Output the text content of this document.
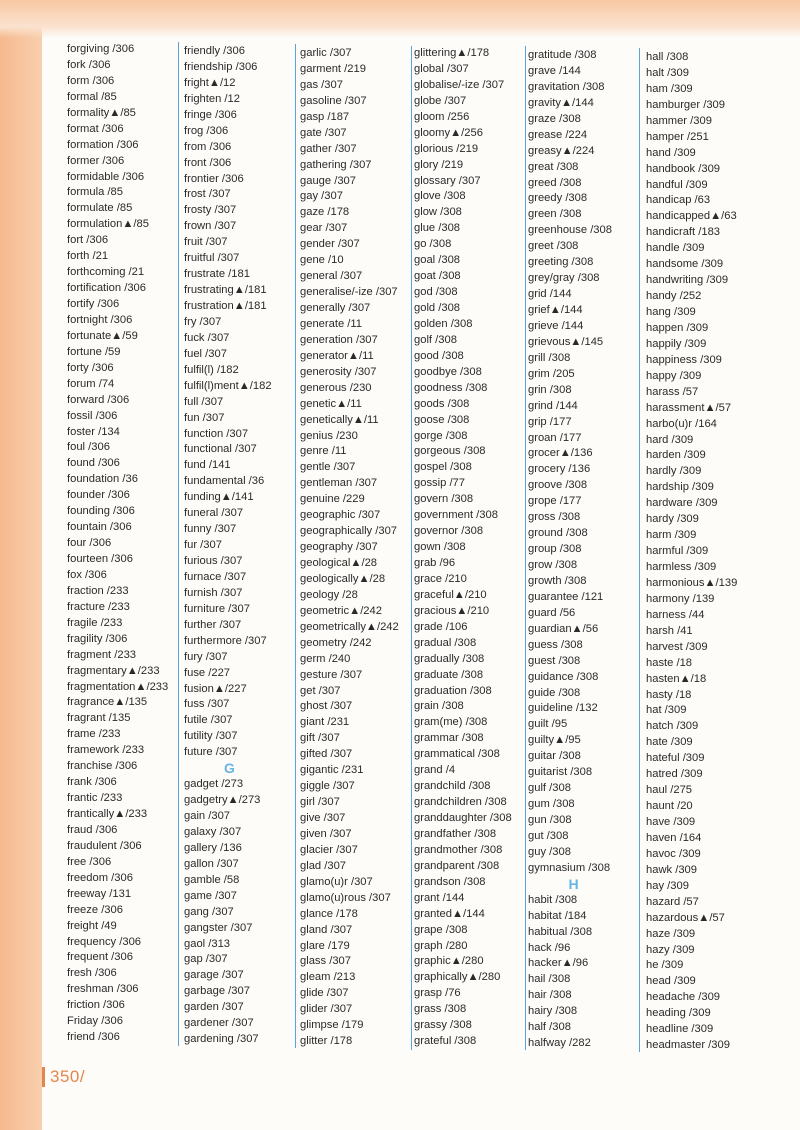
forgiving /306
fork /306
form /306
formal /85
formality▲/85
format /306
formation /306
former /306
formidable /306
formula /85
formulate /85
formulation▲/85
fort /306
forth /21
forthcoming /21
fortification /306
fortify /306
fortnight /306
fortunate▲/59
fortune /59
forty /306
forum /74
forward /306
fossil /306
foster /134
foul /306
found /306
foundation /36
founder /306
founding /306
fountain /306
four /306
fourteen /306
fox /306
fraction /233
fracture /233
fragile /233
fragility /306
fragment /233
fragmentary▲/233
fragmentation▲/233
fragrance▲/135
fragrant /135
frame /233
framework /233
franchise /306
frank /306
frantic /233
frantically▲/233
fraud /306
fraudulent /306
free /306
freedom /306
freeway /131
freeze /306
freight /49
frequency /306
frequent /306
fresh /306
freshman /306
friction /306
Friday /306
friend /306
friendly /306
friendship /306
fright▲/12
frighten /12
fringe /306
frog /306
from /306
front /306
frontier /306
frost /307
frosty /307
frown /307
fruit /307
fruitful /307
frustrate /181
frustrating▲/181
frustration▲/181
fry /307
fuck /307
fuel /307
fulfil(l) /182
fulfil(l)ment▲/182
full /307
fun /307
function /307
functional /307
fund /141
fundamental /36
funding▲/141
funeral /307
funny /307
fur /307
furious /307
furnace /307
furnish /307
furniture /307
further /307
furthermore /307
fury /307
fuse /227
fusion▲/227
fuss /307
futile /307
futility /307
future /307
G
gadget /273
gadgetry▲/273
gain /307
galaxy /307
gallery /136
gallon /307
gamble /58
game /307
gang /307
gangster /307
gaol /313
gap /307
garage /307
garbage /307
garden /307
gardener /307
gardening /307
garlic /307
garment /219
gas /307
gasoline /307
gasp /187
gate /307
gather /307
gathering /307
gauge /307
gay /307
gaze /178
gear /307
gender /307
gene /10
general /307
generalise/-ize /307
generally /307
generate /11
generation /307
generator▲/11
generosity /307
generous /230
genetic▲/11
genetically▲/11
genius /230
genre /11
gentle /307
gentleman /307
genuine /229
geographic /307
geographically /307
geography /307
geological▲/28
geologically▲/28
geology /28
geometric▲/242
geometrically▲/242
geometry /242
germ /240
gesture /307
get /307
ghost /307
giant /231
gift /307
gifted /307
gigantic /231
giggle /307
girl /307
give /307
given /307
glacier /307
glad /307
glamo(u)r /307
glamo(u)rous /307
glance /178
gland /307
glare /179
glass /307
gleam /213
glide /307
glider /307
glimpse /179
glitter /178
glittering▲/178
global /307
globalise/-ize /307
globe /307
gloom /256
gloomy▲/256
glorious /219
glory /219
glossary /307
glove /308
glow /308
glue /308
go /308
goal /308
goat /308
god /308
gold /308
golden /308
golf /308
good /308
goodbye /308
goodness /308
goods /308
goose /308
gorge /308
gorgeous /308
gospel /308
gossip /77
govern /308
government /308
governor /308
gown /308
grab /96
grace /210
graceful▲/210
gracious▲/210
grade /106
gradual /308
gradually /308
graduate /308
graduation /308
grain /308
gram(me) /308
grammar /308
grammatical /308
grand /4
grandchild /308
grandchildren /308
granddaughter /308
grandfather /308
grandmother /308
grandparent /308
grandson /308
grant /144
granted▲/144
grape /308
graph /280
graphic▲/280
graphically▲/280
grasp /76
grass /308
grassy /308
grateful /308
gratitude /308
grave /144
gravitation /308
gravity▲/144
graze /308
grease /224
greasy▲/224
great /308
greed /308
greedy /308
green /308
greenhouse /308
greet /308
greeting /308
grey/gray /308
grid /144
grief▲/144
grieve /144
grievous▲/145
grill /308
grim /205
grin /308
grind /144
grip /177
groan /177
grocer▲/136
grocery /136
groove /308
grope /177
gross /308
ground /308
group /308
grow /308
growth /308
guarantee /121
guard /56
guardian▲/56
guess /308
guest /308
guidance /308
guide /308
guideline /132
guilt /95
guilty▲/95
guitar /308
guitarist /308
gulf /308
gum /308
gun /308
gut /308
guy /308
gymnasium /308
H
habit /308
habitat /184
habitual /308
hack /96
hacker▲/96
hail /308
hair /308
hairy /308
half /308
halfway /282
hall /308
halt /309
ham /309
hamburger /309
hammer /309
hamper /251
hand /309
handbook /309
handful /309
handicap /63
handicapped▲/63
handicraft /183
handle /309
handsome /309
handwriting /309
handy /252
hang /309
happen /309
happily /309
happiness /309
happy /309
harass /57
harassment▲/57
harbo(u)r /164
hard /309
harden /309
hardly /309
hardship /309
hardware /309
hardy /309
harm /309
harmful /309
harmless /309
harmonious▲/139
harmony /139
harness /44
harsh /41
harvest /309
haste /18
hasten▲/18
hasty /18
hat /309
hatch /309
hate /309
hateful /309
hatred /309
haul /275
haunt /20
have /309
haven /164
havoc /309
hawk /309
hay /309
hazard /57
hazardous▲/57
haze /309
hazy /309
he /309
head /309
headache /309
heading /309
headline /309
headmaster /309
350/
